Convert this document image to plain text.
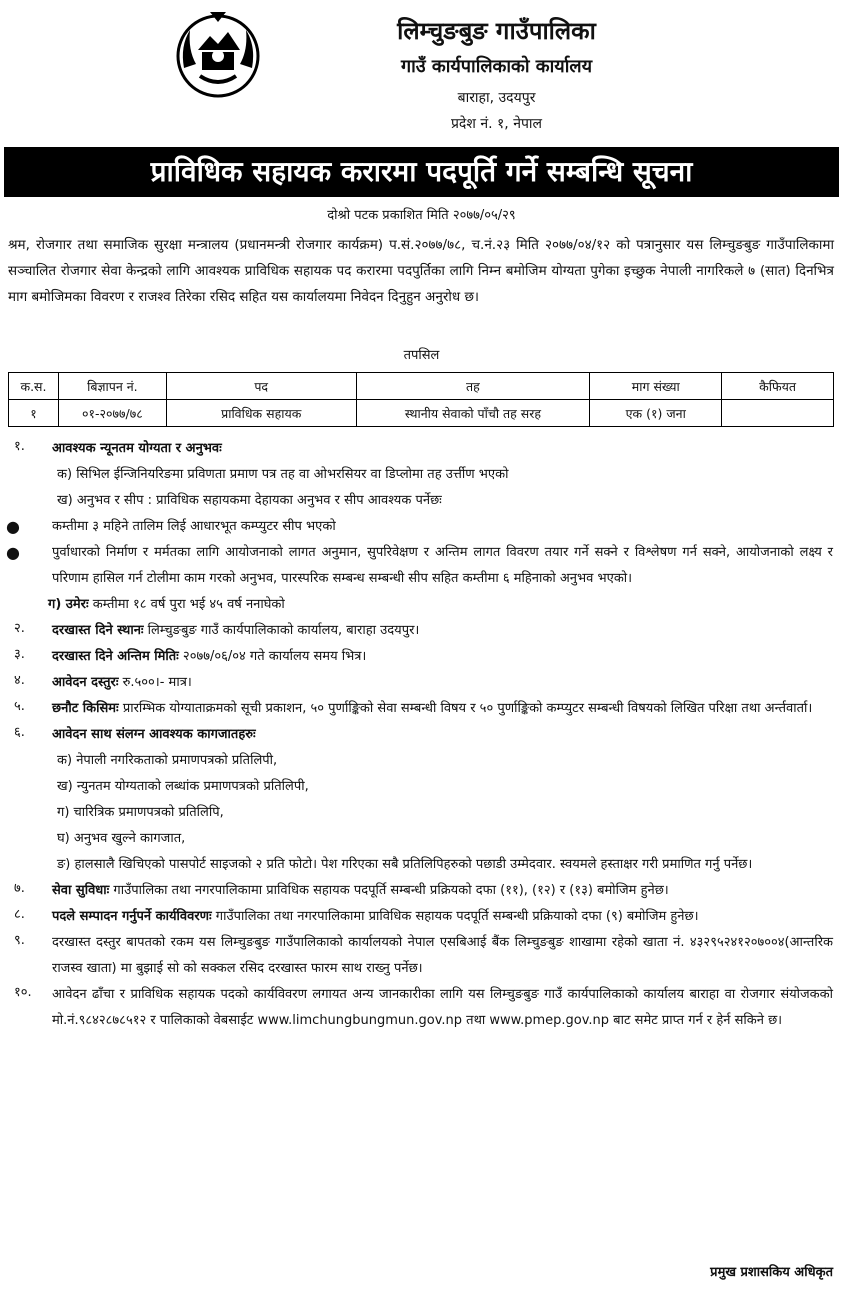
लिम्चुङबुङ गाउँपालिका
गाउँ कार्यपालिकाको कार्यालय
बाराहा, उदयपुर
प्रदेश नं. १, नेपाल
प्राविधिक सहायक करारमा पदपूर्ति गर्ने सम्बन्धि सूचना
दोश्रो पटक प्रकाशित मिति २०७७/०५/२९
श्रम, रोजगार तथा समाजिक सुरक्षा मन्त्रालय (प्रधानमन्त्री रोजगार कार्यक्रम) प.सं.२०७७/७८, च.नं.२३ मिति २०७७/०४/१२ को पत्रानुसार यस लिम्चुङबुङ गाउँपालिकामा सञ्चालित रोजगार सेवा केन्द्रको लागि आवश्यक प्राविधिक सहायक पद करारमा पदपुर्तिका लागि निम्न बमोजिम योग्यता पुगेका इच्छुक नेपाली नागरिकले ७ (सात) दिनभित्र माग बमोजिमका विवरण र राजश्व तिरेका रसिद सहित यस कार्यालयमा निवेदन दिनुहुन अनुरोध छ।
तपसिल
क.स.	बिज्ञापन नं.	पद	तह	माग संख्या	कैफियत
१	०१-२०७७/७८	प्राविधिक सहायक	स्थानीय सेवाको पाँचौ तह सरह	एक (१) जना	
१.	आवश्यक न्यूनतम योग्यता र अनुभवः
क) सिभिल ईन्जिनियरिङमा प्रविणता प्रमाण पत्र तह वा ओभरसियर वा डिप्लोमा तह उर्त्तीण भएको
ख) अनुभव र सीप : प्राविधिक सहायकमा देहायका अनुभव र सीप आवश्यक पर्नेछः
●	कम्तीमा ३ महिने तालिम लिई आधारभूत कम्प्युटर सीप भएको
●	पुर्वाधारको निर्माण र मर्मतका लागि आयोजनाको लागत अनुमान, सुपरिवेक्षण र अन्तिम लागत विवरण तयार गर्ने सक्ने र विश्लेषण गर्न सक्ने, आयोजनाको लक्ष्य र परिणाम हासिल गर्न टोलीमा काम गरको अनुभव, पारस्परिक सम्बन्ध सम्बन्धी सीप सहित कम्तीमा ६ महिनाको अनुभव भएको।
ग) उमेरः कम्तीमा १८ वर्ष पुरा भई ४५ वर्ष ननाघेको
२.	दरखास्त दिने स्थानः लिम्चुङबुङ गाउँ कार्यपालिकाको कार्यालय, बाराहा उदयपुर।
३.	दरखास्त दिने अन्तिम मितिः २०७७/०६/०४ गते कार्यालय समय भित्र।
४.	आवेदन दस्तुरः रु.५००।- मात्र।
५.	छनौट किसिमः प्रारम्भिक योग्याताक्रमको सूची प्रकाशन, ५० पुर्णाङ्किको सेवा सम्बन्धी विषय र ५० पुर्णाङ्किको कम्प्युटर सम्बन्धी विषयको लिखित परिक्षा तथा अर्न्तवार्ता।
६.	आवेदन साथ संलग्न आवश्यक कागजातहरुः
क) नेपाली नगरिकताको प्रमाणपत्रको प्रतिलिपी,
ख) न्युनतम योग्यताको लब्धांक प्रमाणपत्रको प्रतिलिपी,
ग) चारित्रिक प्रमाणपत्रको प्रतिलिपि,
घ) अनुभव खुल्ने कागजात,
ङ) हालसालै खिचिएको पासपोर्ट साइजको २ प्रति फोटो। पेश गरिएका सबै प्रतिलिपिहरुको पछाडी उम्मेदवार. स्वयमले हस्ताक्षर गरी प्रमाणित गर्नु पर्नेछ।
७.	सेवा सुविधाः गाउँपालिका तथा नगरपालिकामा प्राविधिक सहायक पदपूर्ति सम्बन्धी प्रक्रियको दफा (११), (१२) र (१३) बमोजिम हुनेछ।
८.	पदले सम्पादन गर्नुपर्ने कार्यविवरणः गाउँपालिका तथा नगरपालिकामा प्राविधिक सहायक पदपूर्ति सम्बन्धी प्रक्रियाको दफा (९) बमोजिम हुनेछ।
९.	दरखास्त दस्तुर बापतको रकम यस लिम्चुङबुङ गाउँपालिकाको कार्यालयको नेपाल एसबिआई बैंक लिम्चुङबुङ शाखामा रहेको खाता नं. ४३२९५२४१२०७००४(आन्तरिक राजस्व खाता) मा बुझाई सो को सक्कल रसिद दरखास्त फारम साथ राख्नु पर्नेछ।
१०.	आवेदन ढाँचा र प्राविधिक सहायक पदको कार्यविवरण लगायत अन्य जानकारीका लागि यस लिम्चुङबुङ गाउँ कार्यपालिकाको कार्यालय बाराहा वा रोजगार संयोजकको मो.नं.९८४२८७८५१२ र पालिकाको वेबसाईट www.limchungbungmun.gov.np तथा www.pmep.gov.np बाट समेट प्राप्त गर्न र हेर्न सकिने छ।
प्रमुख प्रशासकिय अधिकृत
